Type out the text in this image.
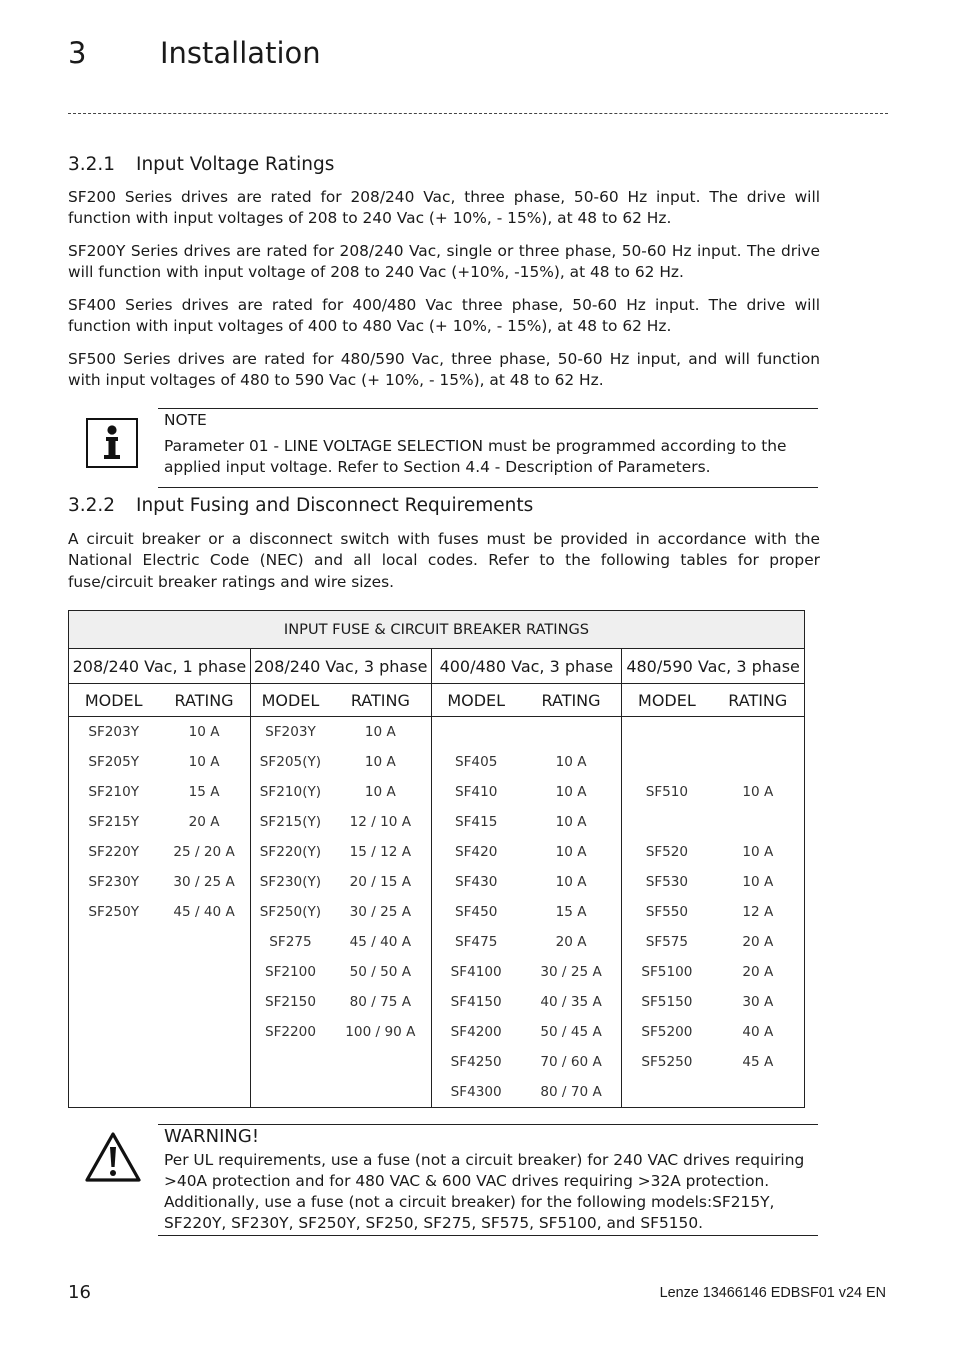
3	Installation
3.2.1 Input Voltage Ratings

SF200 Series drives are rated for 208/240 Vac, three phase, 50-60 Hz input. The drive will function with input voltages of 208 to 240 Vac (+ 10%, - 15%), at 48 to 62 Hz.

SF200Y Series drives are rated for 208/240 Vac, single or three phase, 50-60 Hz input. The drive will function with input voltage of 208 to 240 Vac (+10%, -15%), at 48 to 62 Hz.

SF400 Series drives are rated for 400/480 Vac three phase, 50-60 Hz input. The drive will function with input voltages of 400 to 480 Vac (+ 10%, - 15%), at 48 to 62 Hz.

SF500 Series drives are rated for 480/590 Vac, three phase, 50-60 Hz input, and will function with input voltages of 480 to 590 Vac (+ 10%, - 15%), at 48 to 62 Hz.

NOTE
Parameter 01 - LINE VOLTAGE SELECTION must be programmed according to the applied input voltage. Refer to Section 4.4 - Description of Parameters.
3.2.2 Input Fusing and Disconnect Requirements

A circuit breaker or a disconnect switch with fuses must be provided in accordance with the National Electric Code (NEC) and all local codes. Refer to the following tables for proper fuse/circuit breaker ratings and wire sizes.

INPUT FUSE & CIRCUIT BREAKER RATINGS							
208/240 Vac, 1 phase		208/240 Vac, 3 phase		400/480 Vac, 3 phase		480/590 Vac, 3 phase	
MODEL	RATING	MODEL	RATING	MODEL	RATING	MODEL	RATING
SF203Y	10 A	SF203Y	10 A				
SF205Y	10 A	SF205(Y)	10 A	SF405	10 A		
SF210Y	15 A	SF210(Y)	10 A	SF410	10 A	SF510	10 A
SF215Y	20 A	SF215(Y)	12 / 10 A	SF415	10 A		
SF220Y	25 / 20 A	SF220(Y)	15 / 12 A	SF420	10 A	SF520	10 A
SF230Y	30 / 25 A	SF230(Y)	20 / 15 A	SF430	10 A	SF530	10 A
SF250Y	45 / 40 A	SF250(Y)	30 / 25 A	SF450	15 A	SF550	12 A
		SF275	45 / 40 A	SF475	20 A	SF575	20 A
		SF2100	50 / 50 A	SF4100	30 / 25 A	SF5100	20 A
		SF2150	80 / 75 A	SF4150	40 / 35 A	SF5150	30 A
		SF2200	100 / 90 A	SF4200	50 / 45 A	SF5200	40 A
				SF4250	70 / 60 A	SF5250	45 A
				SF4300	80 / 70 A		
WARNING!
Per UL requirements, use a fuse (not a circuit breaker) for 240 VAC drives requiring >40A protection and for 480 VAC & 600 VAC drives requiring >32A protection. Additionally, use a fuse (not a circuit breaker) for the following models:SF215Y, SF220Y, SF230Y, SF250Y, SF250, SF275, SF575, SF5100, and SF5150.
16	Lenze 13466146 EDBSF01 v24 EN
